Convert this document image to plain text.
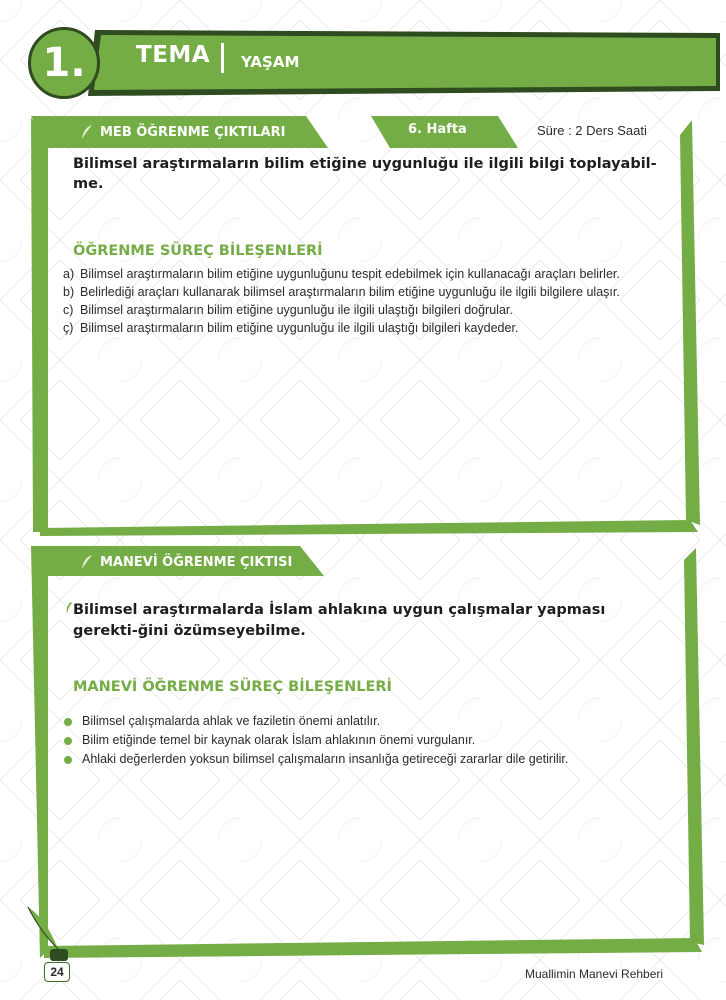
1.	TEMA YAŞAM
MEB ÖĞRENME ÇIKTILARI	6. Hafta	Süre : 2 Ders Saati
Bilimsel araştırmaların bilim etiğine uygunluğu ile ilgili bilgi toplayabil-me.
ÖĞRENME SÜREÇ BİLEŞENLERİ
a) Bilimsel araştırmaların bilim etiğine uygunluğunu tespit edebilmek için kullanacağı araçları belirler.
b) Belirlediği araçları kullanarak bilimsel araştırmaların bilim etiğine uygunluğu ile ilgili bilgilere ulaşır.
c) Bilimsel araştırmaların bilim etiğine uygunluğu ile ilgili ulaştığı bilgileri doğrular.
ç) Bilimsel araştırmaların bilim etiğine uygunluğu ile ilgili ulaştığı bilgileri kaydeder.
MANEVİ ÖĞRENME ÇIKTISI
Bilimsel araştırmalarda İslam ahlakına uygun çalışmalar yapması gerekti-ğini özümseyebilme.
MANEVİ ÖĞRENME SÜREÇ BİLEŞENLERİ
Bilimsel çalışmalarda ahlak ve faziletin önemi anlatılır.
Bilim etiğinde temel bir kaynak olarak İslam ahlakının önemi vurgulanır.
Ahlaki değerlerden yoksun bilimsel çalışmaların insanlığa getireceği zararlar dile getirilir.
24	Muallimin Manevi Rehberi
